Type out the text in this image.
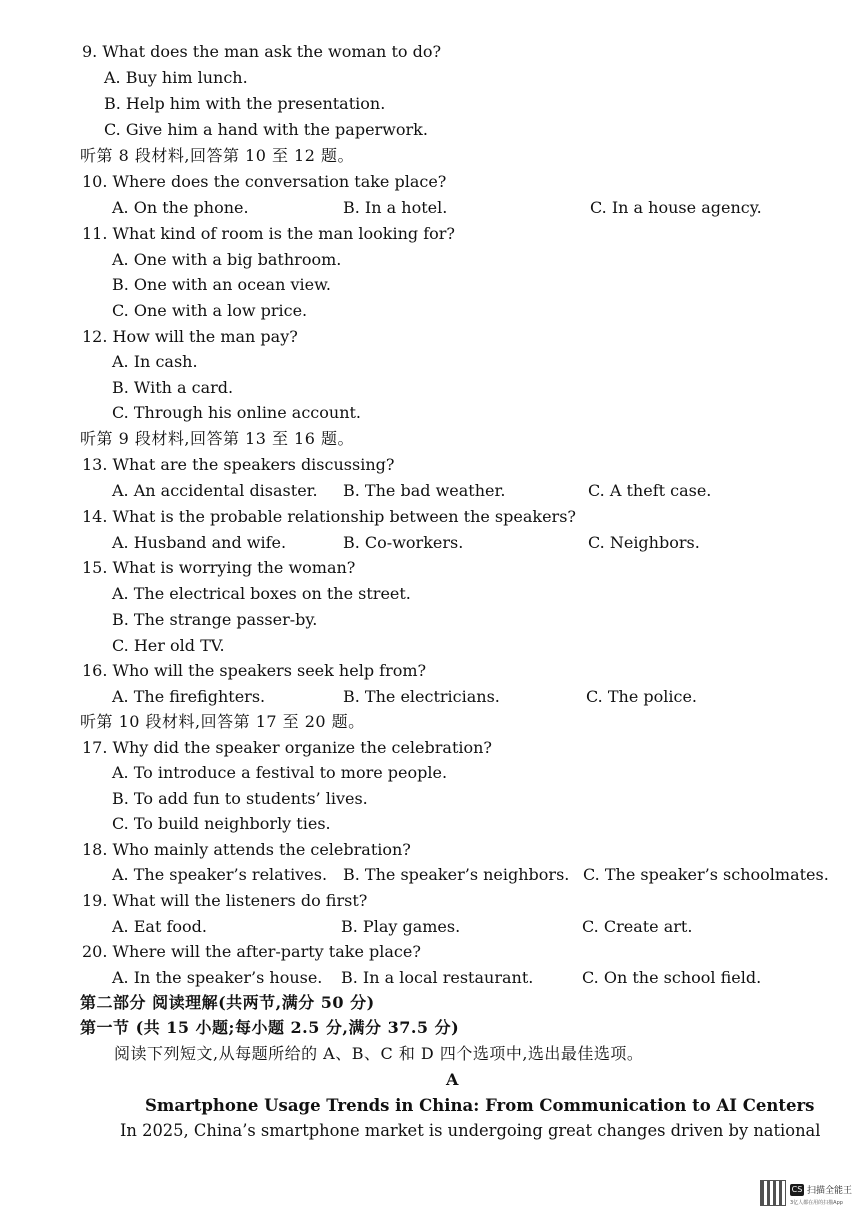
9. What does the man ask the woman to do?
A. Buy him lunch.
B. Help him with the presentation.
C. Give him a hand with the paperwork.
听第 8 段材料,回答第 10 至 12 题。
10. Where does the conversation take place?
A. On the phone.	B. In a hotel.	C. In a house agency.
11. What kind of room is the man looking for?
A. One with a big bathroom.
B. One with an ocean view.
C. One with a low price.
12. How will the man pay?
A. In cash.
B. With a card.
C. Through his online account.
听第 9 段材料,回答第 13 至 16 题。
13. What are the speakers discussing?
A. An accidental disaster. B. The bad weather.	C. A theft case.
14. What is the probable relationship between the speakers?
A. Husband and wife.	B. Co-workers.	C. Neighbors.
15. What is worrying the woman?
A. The electrical boxes on the street.
B. The strange passer-by.
C. Her old TV.
16. Who will the speakers seek help from?
A. The firefighters.	B. The electricians.	C. The police.
听第 10 段材料,回答第 17 至 20 题。
17. Why did the speaker organize the celebration?
A. To introduce a festival to more people.
B. To add fun to students’ lives.
C. To build neighborly ties.
18. Who mainly attends the celebration?
A. The speaker’s relatives. B. The speaker’s neighbors. C. The speaker’s schoolmates.
19. What will the listeners do first?
A. Eat food.	B. Play games.	C. Create art.
20. Where will the after-party take place?
A. In the speaker’s house. B. In a local restaurant.	C. On the school field.
第二部分 阅读理解(共两节,满分 50 分)
第一节 (共 15 小题;每小题 2.5 分,满分 37.5 分)
阅读下列短文,从每题所给的 A、B、C 和 D 四个选项中,选出最佳选项。
A
Smartphone Usage Trends in China: From Communication to AI Centers
In 2025, China’s smartphone market is undergoing great changes driven by national
CS 扫描全能王
3亿人都在用的扫描App
